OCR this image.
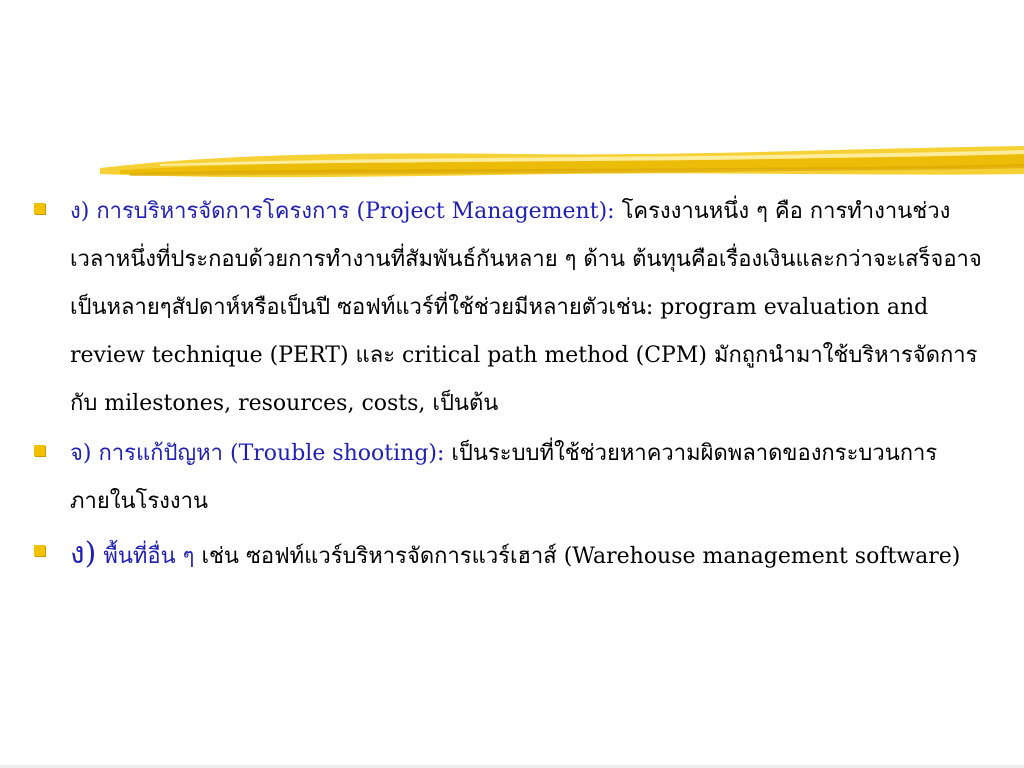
ง) การบริหารจัดการโครงการ (Project Management): โครงงานหนึ่ง ๆ คือ การทำงานช่วงเวลาหนึ่งที่ประกอบด้วยการทำงานที่สัมพันธ์กันหลาย ๆ ด้าน ต้นทุนคือเรื่องเงินและกว่าจะเสร็จอาจเป็นหลายๆสัปดาห์หรือเป็นปี ซอฟท์แวร์ที่ใช้ช่วยมีหลายตัวเช่น: program evaluation and review technique (PERT) และ critical path method (CPM) มักถูกนำมาใช้บริหารจัดการกับ milestones, resources, costs, เป็นต้น
จ) การแก้ปัญหา (Trouble shooting): เป็นระบบที่ใช้ช่วยหาความผิดพลาดของกระบวนการภายในโรงงาน
ง) พื้นที่อื่น ๆ เช่น ซอฟท์แวร์บริหารจัดการแวร์เฮาส์ (Warehouse management software)
